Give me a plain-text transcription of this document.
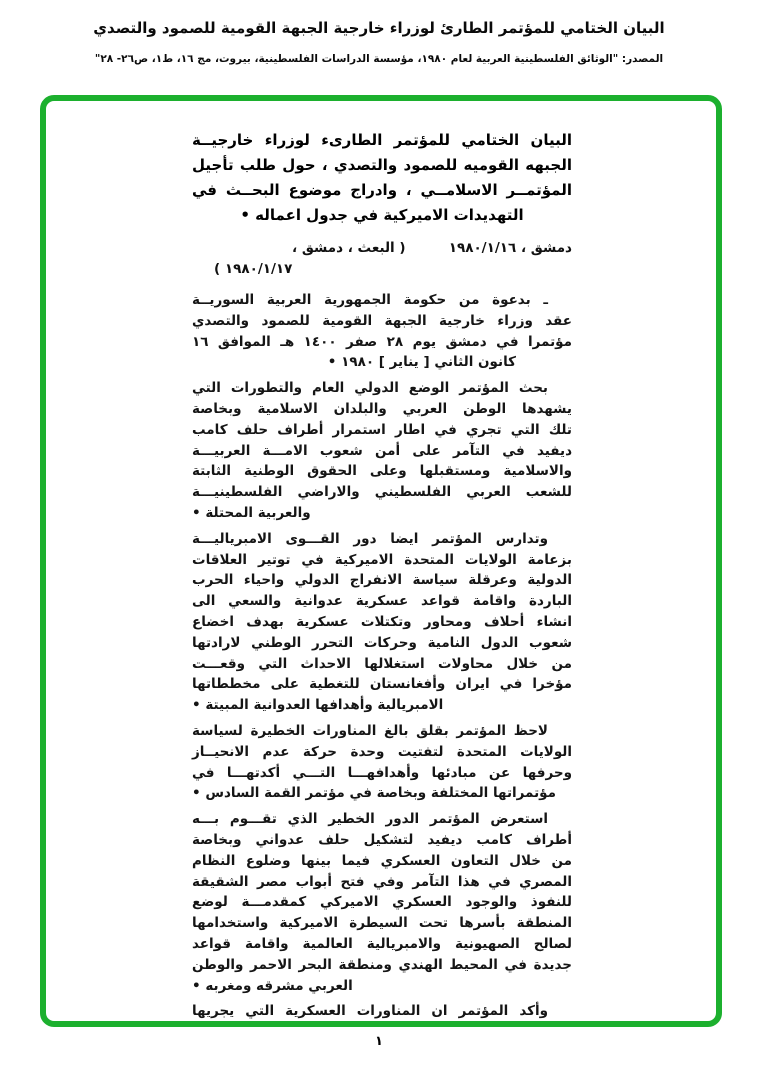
البيان الختامي للمؤتمر الطارئ لوزراء خارجية الجبهة القومية للصمود والتصدي
المصدر: "الوثائق الفلسطينية العربية لعام ١٩٨٠، مؤسسة الدراسات الفلسطينية، بيروت، مج ١٦، ط١، ص٢٦- ٢٨"
البيان الختامي للمؤتمر الطارىء لوزراء خارجيــة
الجبهه القوميه للصمود والتصدي ، حول طلب تأجيل
المؤتمــر الاسلامــي ، وادراج موضوع البحــث في
التهديدات الاميركية في جدول اعماله •
دمشق ، ١٩٨٠/١/١٦
( البعث ، دمشق ،
١٩٨٠/١/١٧ )
ـ بدعوة من حكومة الجمهورية العربية السوريــة
عقد وزراء خارجية الجبهة القومية للصمود والتصدي
مؤتمرا في دمشق يوم ٢٨ صفر ١٤٠٠ هـ الموافق ١٦
كانون الثاني [ يناير ] ١٩٨٠ •
بحث المؤتمر الوضع الدولي العام والتطورات التي
يشهدها الوطن العربي والبلدان الاسلامية وبخاصة
تلك التي تجري في اطار استمرار أطراف حلف كامب
ديفيد في التآمر على أمن شعوب الامـــة العربيـــة
والاسلامية ومستقبلها وعلى الحقوق الوطنية الثابتة
للشعب العربي الفلسطيني والاراضي الفلسطينيـــة
والعربية المحتلة •
وتدارس المؤتمر ايضا دور القـــوى الامبرياليـــة
بزعامة الولايات المتحدة الاميركية في توتير العلاقات
الدولية وعرقلة سياسة الانفراج الدولي واحياء الحرب
الباردة واقامة قواعد عسكرية عدوانية والسعي الى
انشاء أحلاف ومحاور وتكتلات عسكرية بهدف اخضاع
شعوب الدول النامية وحركات التحرر الوطني لارادتها
من خلال محاولات استغلالها الاحداث التي وقعـــت
مؤخرا في ايران وأفغانستان للتغطية على مخططاتها
الامبريالية وأهدافها العدوانية المبيتة •
لاحظ المؤتمر بقلق بالغ المناورات الخطيرة لسياسة
الولايات المتحدة لتفتيت وحدة حركة عدم الانحيــاز
وحرفها عن مبادئها وأهدافهـــا التـــي أكدتهـــا في
مؤتمراتها المختلفة وبخاصة في مؤتمر القمة السادس •
استعرض المؤتمر الدور الخطير الذي تقـــوم بـــه
أطراف كامب ديفيد لتشكيل حلف عدواني وبخاصة
من خلال التعاون العسكري فيما بينها وضلوع النظام
المصري في هذا التآمر وفي فتح أبواب مصر الشقيقة
للنفوذ والوجود العسكري الاميركي كمقدمـــة لوضع
المنطقة بأسرها تحت السيطرة الاميركية واستخدامها
لصالح الصهيونية والامبريالية العالمية واقامة قواعد
جديدة في المحيط الهندي ومنطقة البحر الاحمر والوطن
العربي مشرقه ومغربه •
وأكد المؤتمر ان المناورات العسكرية التي يجريها
١
